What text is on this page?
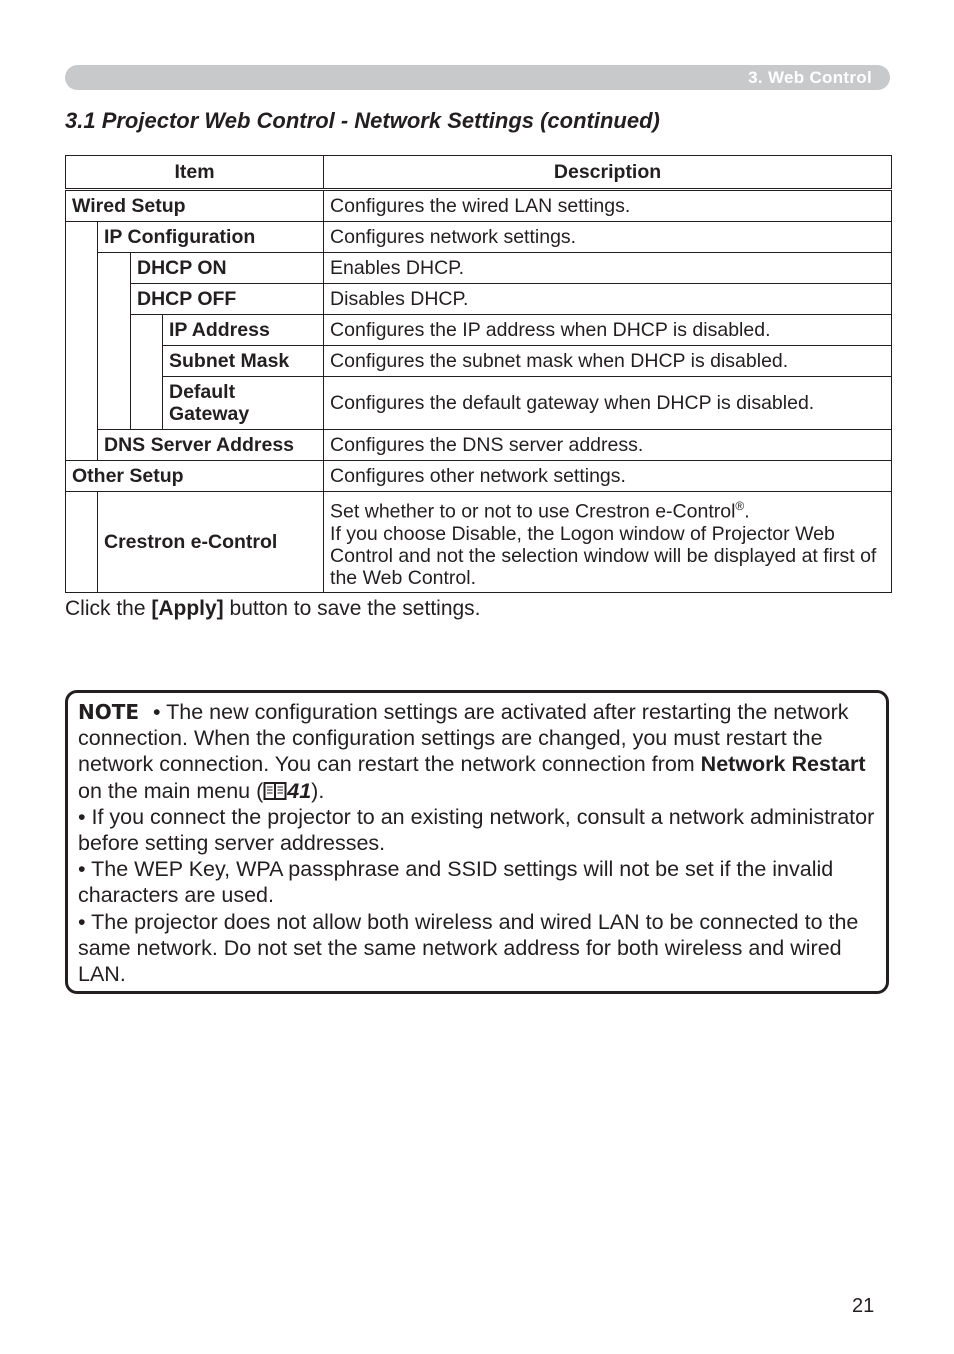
3. Web Control
3.1 Projector Web Control - Network Settings (continued)
Item				Description
Wired Setup				Configures the wired LAN settings.
	IP Configuration			Configures network settings.
		DHCP ON		Enables DHCP.
		DHCP OFF		Disables DHCP.
			IP Address	Configures the IP address when DHCP is disabled.
			Subnet Mask	Configures the subnet mask when DHCP is disabled.
			Default
Gateway	Configures the default gateway when DHCP is disabled.
	DNS Server Address			Configures the DNS server address.
Other Setup				Configures other network settings.
	Crestron e-Control			Set whether to or not to use Crestron e-Control®.
If you choose Disable, the Logon window of Projector Web Control and not the selection window will be displayed at first of the Web Control.
Click the [Apply] button to save the settings.

NOTE • The new configuration settings are activated after restarting the network connection. When the configuration settings are changed, you must restart the network connection. You can restart the network connection from Network Restart on the main menu ( 41).

• If you connect the projector to an existing network, consult a network administrator before setting server addresses.

• The WEP Key, WPA passphrase and SSID settings will not be set if the invalid characters are used.

• The projector does not allow both wireless and wired LAN to be connected to the same network. Do not set the same network address for both wireless and wired LAN.

21
